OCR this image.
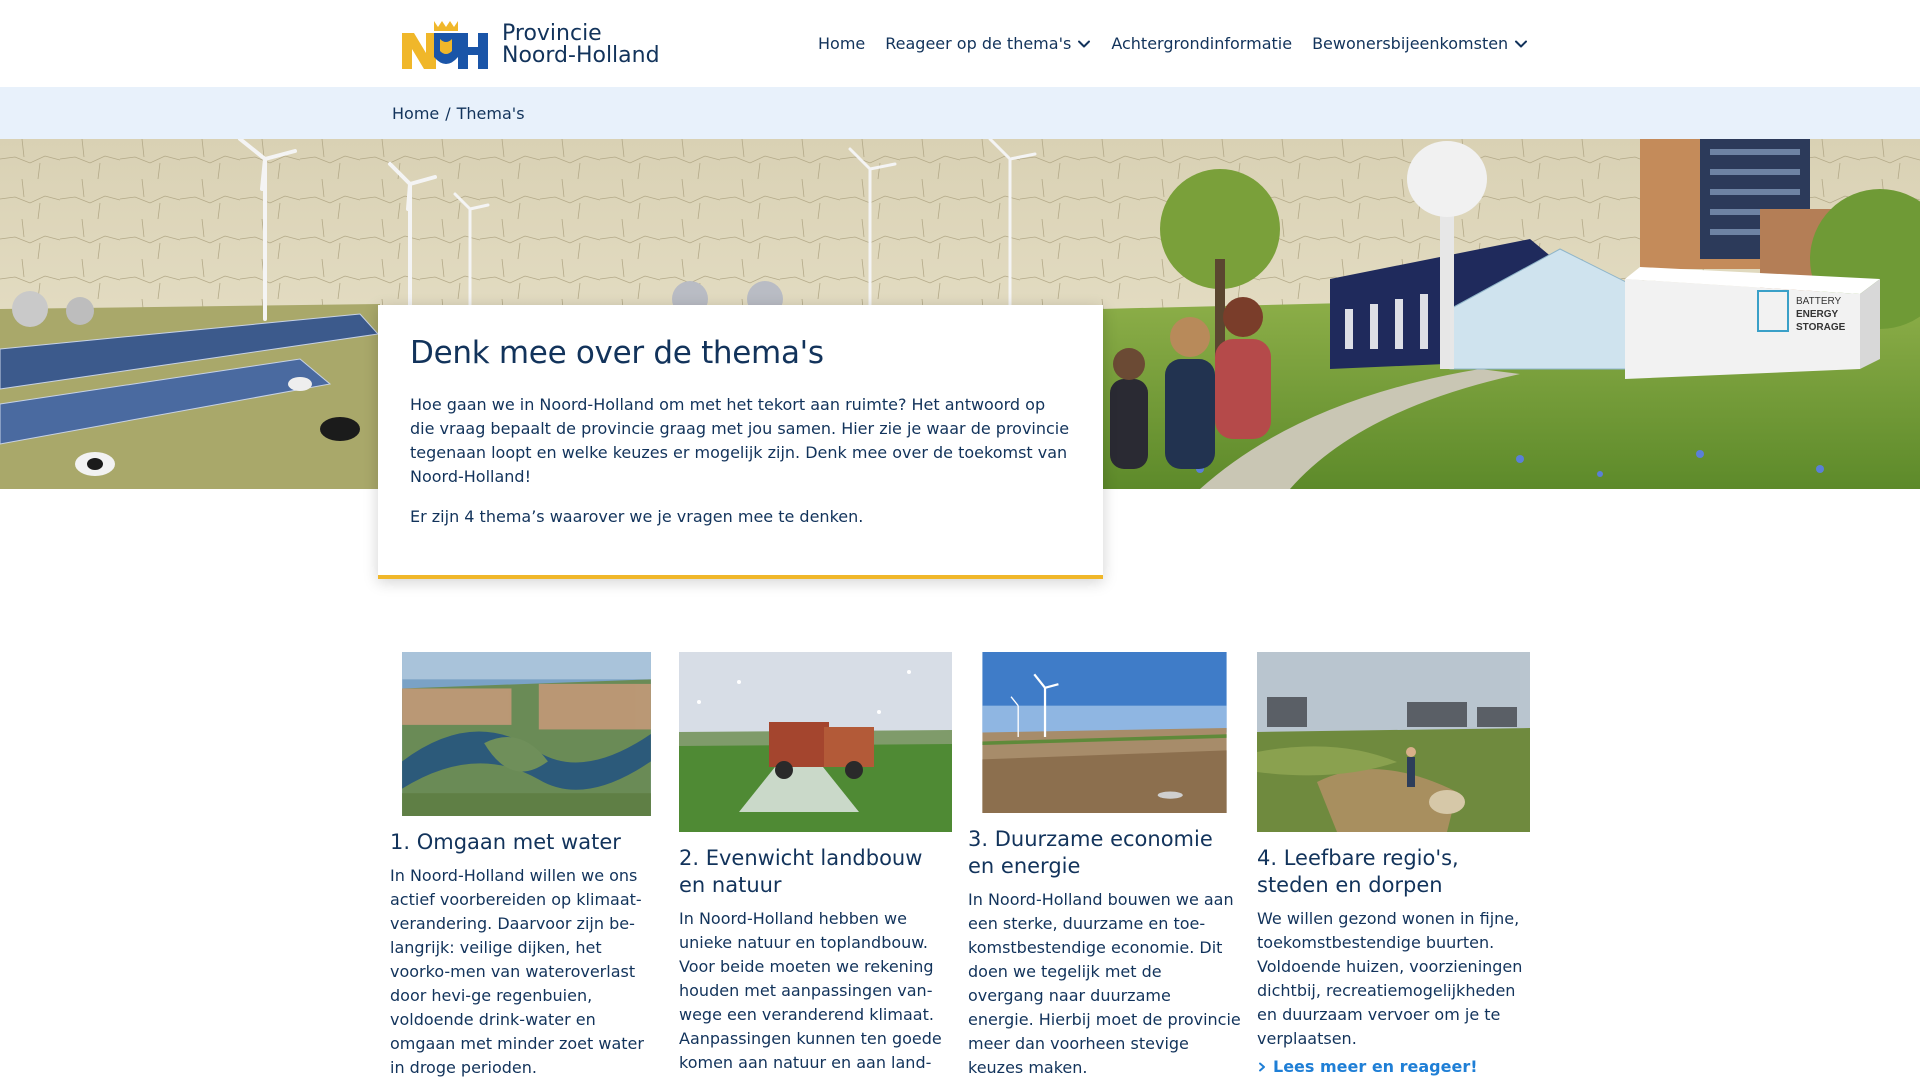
Provincie
Noord-Holland	Home Reageer op de thema's	Achtergrondinformatie Bewonersbijeenkomsten
Home / Thema's
BATTERY
ENERGY
STORAGE
Denk mee over de thema's

Hoe gaan we in Noord-Holland om met het tekort aan ruimte? Het antwoord op die vraag bepaalt de provincie graag met jou samen. Hier zie je waar de provincie tegenaan loopt en welke keuzes er mogelijk zijn. Denk mee over de toekomst van Noord-Holland!

Er zijn 4 thema’s waarover we je vragen mee te denken.

1. Omgaan met water

In Noord-Holland willen we ons actief voorbereiden op klimaat-verandering. Daarvoor zijn be-langrijk: veilige dijken, het voorko-men van wateroverlast door hevi-ge regenbuien, voldoende drink-water en omgaan met minder zoet water in droge perioden.

2. Evenwicht landbouw en natuur

In Noord-Holland hebben we unieke natuur en toplandbouw. Voor beide moeten we rekening houden met aanpassingen van-wege een veranderend klimaat. Aanpassingen kunnen ten goede komen aan natuur en aan land-

3. Duurzame economie en energie

In Noord-Holland bouwen we aan een sterke, duurzame en toe-komstbestendige economie. Dit doen we tegelijk met de overgang naar duurzame energie. Hierbij moet de provincie meer dan voorheen stevige keuzes maken.

4. Leefbare regio's, steden en dorpen

We willen gezond wonen in fijne, toekomstbestendige buurten. Voldoende huizen, voorzieningen dichtbij, recreatiemogelijkheden en duurzaam vervoer om je te verplaatsen.

Lees meer en reageer!
